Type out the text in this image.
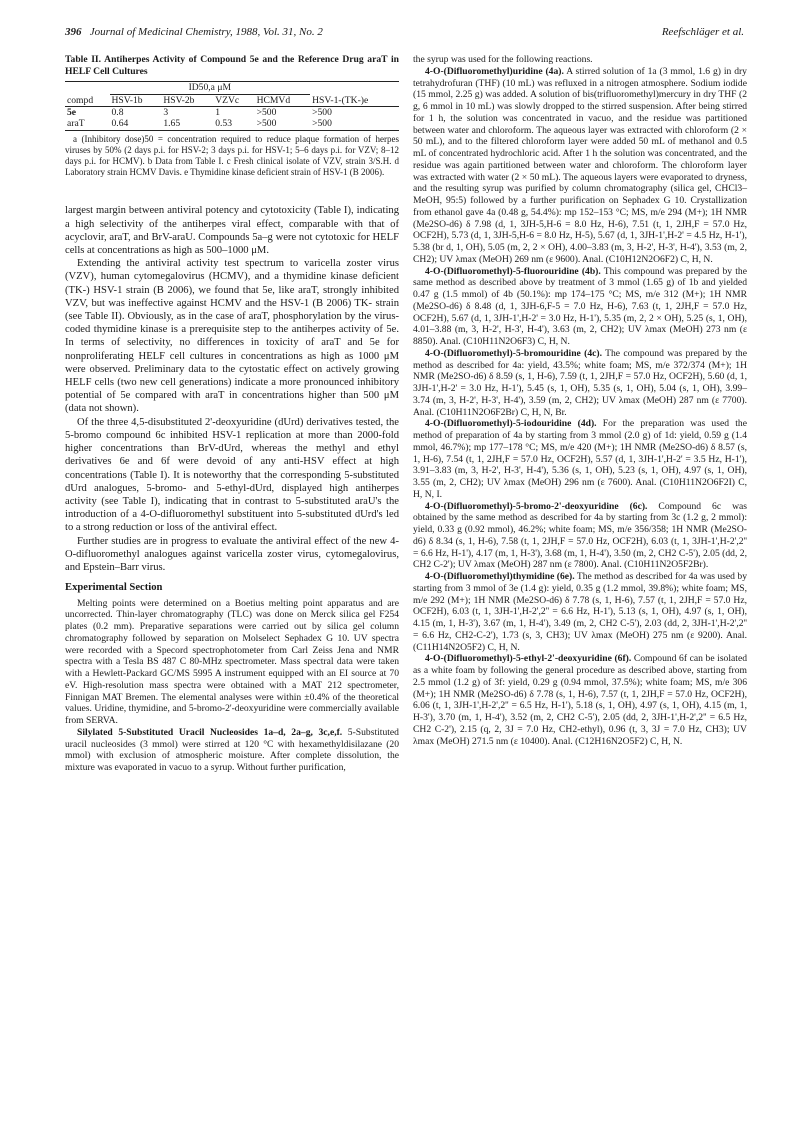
396 Journal of Medicinal Chemistry, 1988, Vol. 31, No. 2	Reefschläger et al.

Table II. Antiherpes Activity of Compound 5e and the Reference Drug araT in HELF Cell Cultures

	ID50,a μM				
compd	HSV-1b	HSV-2b	VZVc	HCMVd	HSV-1-(TK-)e
5e	0.8	3	1	>500	>500
araT	0.64	1.65	0.53	>500	>500

a (Inhibitory dose)50 = concentration required to reduce plaque formation of herpes viruses by 50% (2 days p.i. for HSV-2; 3 days p.i. for HSV-1; 5–6 days p.i. for VZV; 8–12 days p.i. for HCMV). b Data from Table I. c Fresh clinical isolate of VZV, strain 3/S.H. d Laboratory strain HCMV Davis. e Thymidine kinase deficient strain of HSV-1 (B 2006).

largest margin between antiviral potency and cytotoxicity (Table I), indicating a high selectivity of the antiherpes viral effect, comparable with that of acyclovir, araT, and BrV-araU. Compounds 5a–g were not cytotoxic for HELF cells at concentrations as high as 500–1000 μM.

Extending the antiviral activity test spectrum to varicella zoster virus (VZV), human cytomegalovirus (HCMV), and a thymidine kinase deficient (TK-) HSV-1 strain (B 2006), we found that 5e, like araT, strongly inhibited VZV, but was ineffective against HCMV and the HSV-1 (B 2006) TK- strain (see Table II). Obviously, as in the case of araT, phosphorylation by the virus-coded thymidine kinase is a prerequisite step to the antiherpes activity of 5e. In terms of selectivity, no differences in toxicity of araT and 5e for nonproliferating HELF cell cultures in concentrations as high as 1000 μM were observed. Preliminary data to the cytostatic effect on actively growing HELF cells (two new cell generations) indicate a more pronounced inhibitory potential of 5e compared with araT in concentrations higher than 500 μM (data not shown).

Of the three 4,5-disubstituted 2'-deoxyuridine (dUrd) derivatives tested, the 5-bromo compound 6c inhibited HSV-1 replication at more than 2000-fold higher concentrations than BrV-dUrd, whereas the methyl and ethyl derivatives 6e and 6f were devoid of any anti-HSV effect at high concentrations (Table I). It is noteworthy that the corresponding 5-substituted dUrd analogues, 5-bromo- and 5-ethyl-dUrd, displayed high antiherpes activity (see Table I), indicating that in contrast to 5-substituted araU's the introduction of a 4-O-difluoromethyl substituent into 5-substituted dUrd's led to a strong reduction or loss of the antiviral effect.

Further studies are in progress to evaluate the antiviral effect of the new 4-O-difluoromethyl analogues against varicella zoster virus, cytomegalovirus, and Epstein–Barr virus.

Experimental Section

Melting points were determined on a Boetius melting point apparatus and are uncorrected. Thin-layer chromatography (TLC) was done on Merck silica gel F254 plates (0.2 mm). Preparative separations were carried out by silica gel column chromatography followed by separation on Molselect Sephadex G 10. UV spectra were recorded with a Specord spectrophotometer from Carl Zeiss Jena and NMR spectra with a Tesla BS 487 C 80-MHz spectrometer. Mass spectral data were taken with a Hewlett-Packard GC/MS 5995 A instrument equipped with an EI source at 70 eV. High-resolution mass spectra were obtained with a MAT 212 spectrometer, Finnigan MAT Bremen. The elemental analyses were within ±0.4% of the theoretical values. Uridine, thymidine, and 5-bromo-2'-deoxyuridine were commercially available from SERVA.

Silylated 5-Substituted Uracil Nucleosides 1a–d, 2a–g, 3c,e,f. 5-Substituted uracil nucleosides (3 mmol) were stirred at 120 °C with hexamethyldisilazane (20 mmol) with exclusion of atmospheric moisture. After complete dissolution, the mixture was evaporated in vacuo to a syrup. Without further purification,

the syrup was used for the following reactions.

4-O-(Difluoromethyl)uridine (4a). A stirred solution of 1a (3 mmol, 1.6 g) in dry tetrahydrofuran (THF) (10 mL) was refluxed in a nitrogen atmosphere. Sodium iodide (15 mmol, 2.25 g) was added. A solution of bis(trifluoromethyl)mercury in dry THF (2 g, 6 mmol in 10 mL) was slowly dropped to the stirred suspension. After being stirred for 1 h, the solution was concentrated in vacuo, and the residue was partitioned between water and chloroform. The aqueous layer was extracted with chloroform (2 × 50 mL), and to the filtered chloroform layer were added 50 mL of methanol and 0.5 mL of concentrated hydrochloric acid. After 1 h the solution was concentrated, and the residue was again partitioned between water and chloroform. The chloroform layer was extracted with water (2 × 50 mL). The aqueous layers were evaporated to dryness, and the resulting syrup was purified by column chromatography (silica gel, CHCl3–MeOH, 95:5) followed by a further purification on Sephadex G 10. Crystallization from ethanol gave 4a (0.48 g, 54.4%): mp 152–153 °C; MS, m/e 294 (M+); 1H NMR (Me2SO-d6) δ 7.98 (d, 1, 3JH-5,H-6 = 8.0 Hz, H-6), 7.51 (t, 1, 2JH,F = 57.0 Hz, OCF2H), 5.73 (d, 1, 3JH-5,H-6 = 8.0 Hz, H-5), 5.67 (d, 1, 3JH-1',H-2' = 4.5 Hz, H-1'), 5.38 (br d, 1, OH), 5.05 (m, 2, 2 × OH), 4.00–3.83 (m, 3, H-2', H-3', H-4'), 3.53 (m, 2, CH2); UV λmax (MeOH) 269 nm (ε 9600). Anal. (C10H12N2O6F2) C, H, N.

4-O-(Difluoromethyl)-5-fluorouridine (4b). This compound was prepared by the same method as described above by treatment of 3 mmol (1.65 g) of 1b and yielded 0.47 g (1.5 mmol) of 4b (50.1%): mp 174–175 °C; MS, m/e 312 (M+); 1H NMR (Me2SO-d6) δ 8.48 (d, 1, 3JH-6,F-5 = 7.0 Hz, H-6), 7.63 (t, 1, 2JH,F = 57.0 Hz, OCF2H), 5.67 (d, 1, 3JH-1',H-2' = 3.0 Hz, H-1'), 5.35 (m, 2, 2 × OH), 5.25 (s, 1, OH), 4.01–3.88 (m, 3, H-2', H-3', H-4'), 3.63 (m, 2, CH2); UV λmax (MeOH) 273 nm (ε 8850). Anal. (C10H11N2O6F3) C, H, N.

4-O-(Difluoromethyl)-5-bromouridine (4c). The compound was prepared by the method as described for 4a: yield, 43.5%; white foam; MS, m/e 372/374 (M+); 1H NMR (Me2SO-d6) δ 8.59 (s, 1, H-6), 7.59 (t, 1, 2JH,F = 57.0 Hz, OCF2H), 5.60 (d, 1, 3JH-1',H-2' = 3.0 Hz, H-1'), 5.45 (s, 1, OH), 5.35 (s, 1, OH), 5.04 (s, 1, OH), 3.99–3.74 (m, 3, H-2', H-3', H-4'), 3.59 (m, 2, CH2); UV λmax (MeOH) 287 nm (ε 7700). Anal. (C10H11N2O6F2Br) C, H, N, Br.

4-O-(Difluoromethyl)-5-iodouridine (4d). For the preparation was used the method of preparation of 4a by starting from 3 mmol (2.0 g) of 1d: yield, 0.59 g (1.4 mmol, 46.7%); mp 177–178 °C; MS, m/e 420 (M+); 1H NMR (Me2SO-d6) δ 8.57 (s, 1, H-6), 7.54 (t, 1, 2JH,F = 57.0 Hz, OCF2H), 5.57 (d, 1, 3JH-1',H-2' = 3.5 Hz, H-1'), 3.91–3.83 (m, 3, H-2', H-3', H-4'), 5.36 (s, 1, OH), 5.23 (s, 1, OH), 4.97 (s, 1, OH), 3.55 (m, 2, CH2); UV λmax (MeOH) 296 nm (ε 7600). Anal. (C10H11N2O6F2I) C, H, N, I.

4-O-(Difluoromethyl)-5-bromo-2'-deoxyuridine (6c). Compound 6c was obtained by the same method as described for 4a by starting from 3c (1.2 g, 2 mmol): yield, 0.33 g (0.92 mmol), 46.2%; white foam; MS, m/e 356/358; 1H NMR (Me2SO-d6) δ 8.34 (s, 1, H-6), 7.58 (t, 1, 2JH,F = 57.0 Hz, OCF2H), 6.03 (t, 1, 3JH-1',H-2',2'' = 6.6 Hz, H-1'), 4.17 (m, 1, H-3'), 3.68 (m, 1, H-4'), 3.50 (m, 2, CH2 C-5'), 2.05 (dd, 2, CH2 C-2'); UV λmax (MeOH) 287 nm (ε 7800). Anal. (C10H11N2O5F2Br).

4-O-(Difluoromethyl)thymidine (6e). The method as described for 4a was used by starting from 3 mmol of 3e (1.4 g): yield, 0.35 g (1.2 mmol, 39.8%); white foam; MS, m/e 292 (M+); 1H NMR (Me2SO-d6) δ 7.78 (s, 1, H-6), 7.57 (t, 1, 2JH,F = 57.0 Hz, OCF2H), 6.03 (t, 1, 3JH-1',H-2',2'' = 6.6 Hz, H-1'), 5.13 (s, 1, OH), 4.97 (s, 1, OH), 4.15 (m, 1, H-3'), 3.67 (m, 1, H-4'), 3.49 (m, 2, CH2 C-5'), 2.03 (dd, 2, 3JH-1',H-2',2'' = 6.6 Hz, CH2-C-2'), 1.73 (s, 3, CH3); UV λmax (MeOH) 275 nm (ε 9200). Anal. (C11H14N2O5F2) C, H, N.

4-O-(Difluoromethyl)-5-ethyl-2'-deoxyuridine (6f). Compound 6f can be isolated as a white foam by following the general procedure as described above, starting from 2.5 mmol (1.2 g) of 3f: yield, 0.29 g (0.94 mmol, 37.5%); white foam; MS, m/e 306 (M+); 1H NMR (Me2SO-d6) δ 7.78 (s, 1, H-6), 7.57 (t, 1, 2JH,F = 57.0 Hz, OCF2H), 6.06 (t, 1, 3JH-1',H-2',2'' = 6.5 Hz, H-1'), 5.18 (s, 1, OH), 4.97 (s, 1, OH), 4.15 (m, 1, H-3'), 3.70 (m, 1, H-4'), 3.52 (m, 2, CH2 C-5'), 2.05 (dd, 2, 3JH-1',H-2',2'' = 6.5 Hz, CH2 C-2'), 2.15 (q, 2, 3J = 7.0 Hz, CH2-ethyl), 0.96 (t, 3, 3J = 7.0 Hz, CH3); UV λmax (MeOH) 271.5 nm (ε 10400). Anal. (C12H16N2O5F2) C, H, N.
